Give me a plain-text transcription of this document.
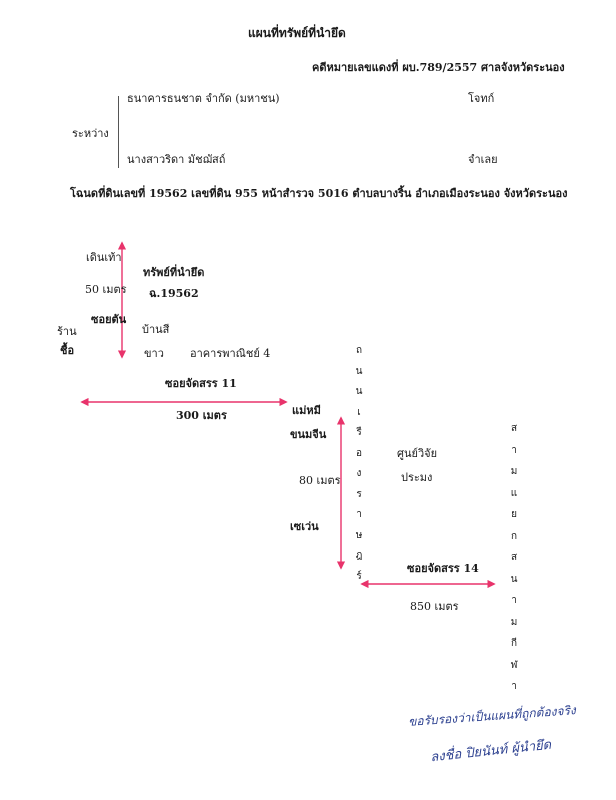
แผนที่ทรัพย์ที่นำยึด
คดีหมายเลขแดงที่ ผบ.789/2557 ศาลจังหวัดระนอง
ธนาคารธนชาต จำกัด (มหาชน)	โจทก์
ระหว่าง
นางสาวริดา มัชฌัสถ์	จำเลย
โฉนดที่ดินเลขที่ 19562 เลขที่ดิน 955 หน้าสำรวจ 5016 ตำบลบางริ้น อำเภอเมืองระนอง จังหวัดระนอง
เดินเท้า
50 เมตร
ซอยตัน
ทรัพย์ที่นำยึด
ฉ.19562
บ้านสี
ขาว อาคารพาณิชย์ 4
ร้าน
ชื้อ
ซอยจัดสรร 11
300 เมตร	แม่หมี
ขนมจีน
80 เมตร
เซเว่น
ศูนย์วิจัย
ประมง
ซอยจัดสรร 14
850 เมตร
ถ
น
น
เ
รื
อ
ง
ร
า
ษ
ฎ
ร์
ส
า
ม
แ
ย
ก
ส
น
า
ม
กี
ฬ
า
ขอรับรองว่าเป็นแผนที่ถูกต้องจริง
ลงชื่อ ปิยนันท์ ผู้นำยึด
